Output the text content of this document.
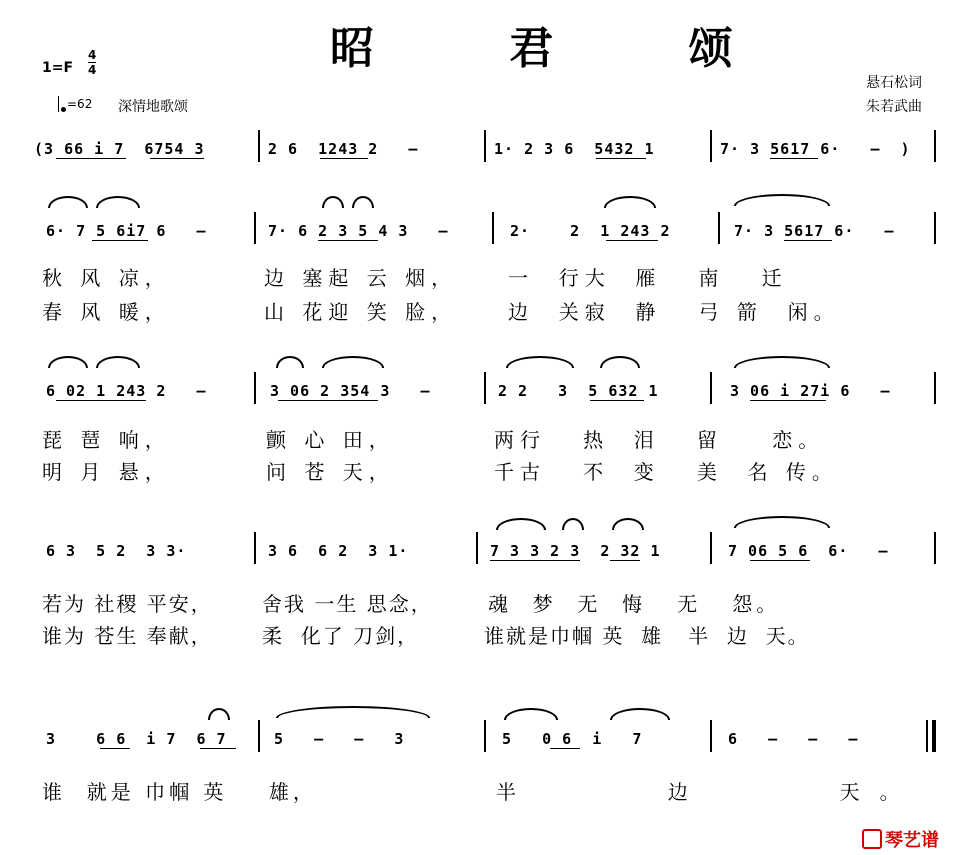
昭 君 颂
1=F
4
4
=62 深情地歌颂
悬石松词
朱若武曲
(3 66 i 7  6754 3	2 6  1243 2   –	1· 2 3 6  5432 1	7· 3 5617 6·   –  )
6· 7 5 6i7 6   –	7· 6 2 3 5 4 3   –	2·    2  1 243 2	7· 3 5617 6·   –
秋 风 凉，	边 塞起 云 烟，	一  行大  雁   南   迁
春 风 暖，	山 花迎 笑 脸，	边  关寂  静   弓 箭  闲。
6 02 1 243 2   –	3 06 2 354 3   –	2 2   3  5 632 1	3 06 i 27i 6   –
琵 琶 响，	颤 心 田，	两行   热  泪   留    恋。
明 月 悬，	问 苍 天，	千古   不  变   美  名 传。
6 3  5 2  3 3·	3 6  6 2  3 1·	7 3 3 2 3  2 32 1	7 06 5 6  6·   –
若为 社稷 平安， 舍我 一生 思念，	魂  梦  无  悔   无   怨。
谁为 苍生 奉献， 柔  化了 刀剑，	谁就是巾帼 英  雄   半  边  天。
3    6 6  i 7  6 7	5   –   –   3	5   0 6  i   7	6   –   –   –
谁  就是 巾帼 英    雄，	半     边     天。
琴艺谱
